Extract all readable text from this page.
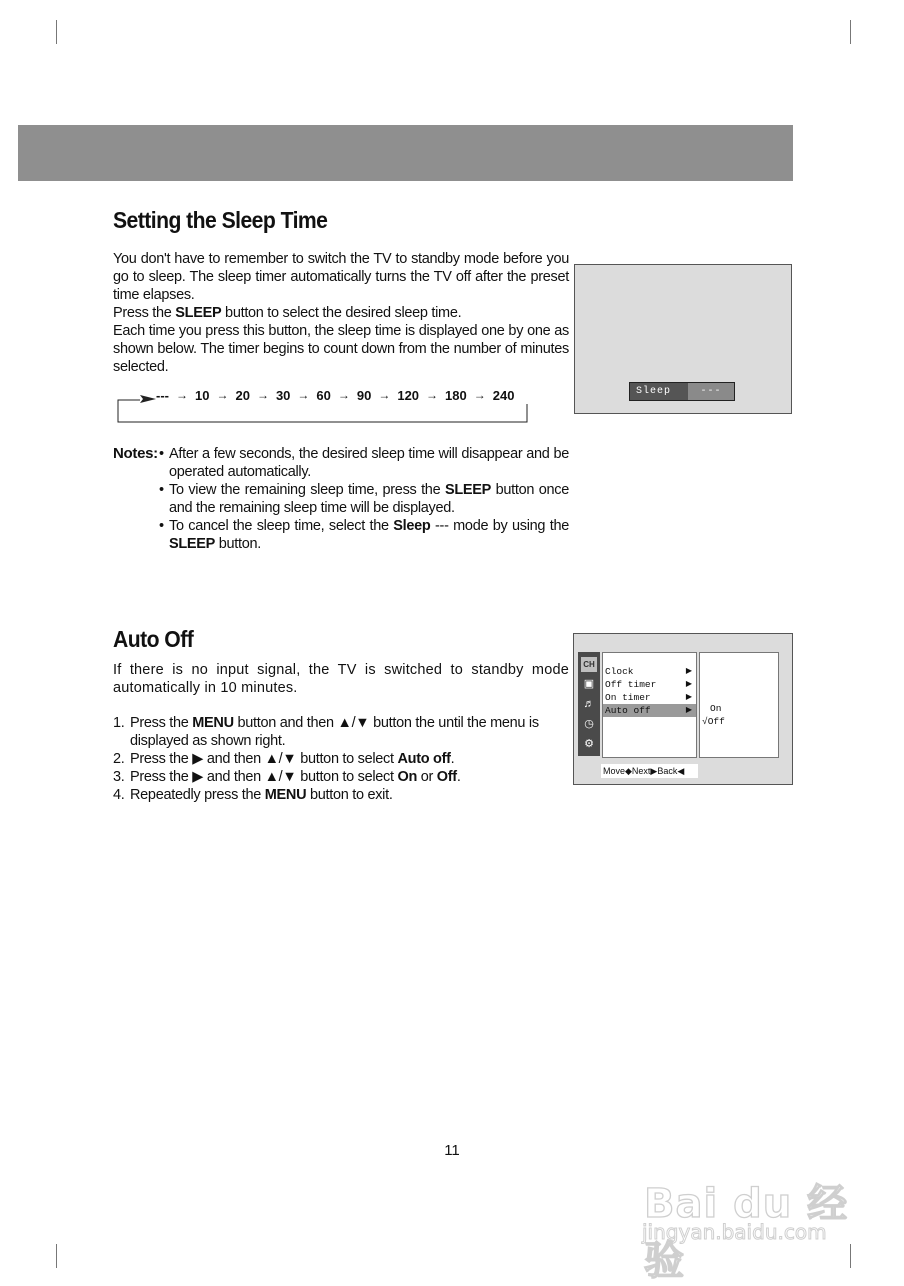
Setting the Sleep Time

You don't have to remember to switch the TV to standby mode before you go to sleep. The sleep timer automatically turns the TV off after the preset time elapses.
Press the SLEEP button to select the desired sleep time.
Each time you press this button, the sleep time is displayed one by one as shown below. The timer begins to count down from the number of minutes selected.

--- → 10 → 20 → 30 → 60 → 90 → 120 → 180 → 240
Notes:
• After a few seconds, the desired sleep time will disappear and be operated automatically.
• To view the remaining sleep time, press the SLEEP button once and the remaining sleep time will be displayed.
• To cancel the sleep time, select the Sleep --- mode by using the SLEEP button.
Sleep	---
Auto Off

If there is no input signal, the TV is switched to standby mode automatically in 10 minutes.

1. Press the MENU button and then ▲/▼ button the until the menu is displayed as shown right.
2. Press the ▶ and then ▲/▼ button to select Auto off.
3. Press the ▶ and then ▲/▼ button to select On or Off.
4. Repeatedly press the MENU button to exit.
CH
▣
♬
◷
⚙
Clock	▶
Off timer	▶
On timer	▶
Auto off	▶ On
√Off
Move◆Next▶Back◀
11
Bai du 经验
jingyan.baidu.com
